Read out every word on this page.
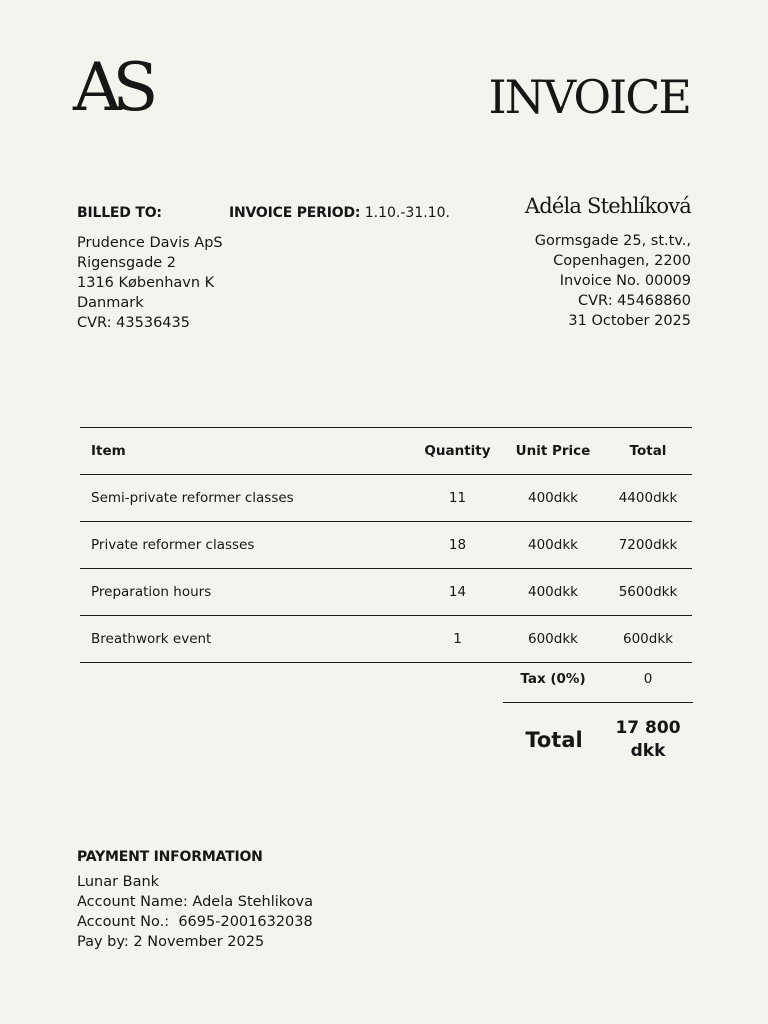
AS	INVOICE
BILLED TO:	INVOICE PERIOD: 1.10.-31.10.
Prudence Davis ApS
Rigensgade 2
1316 København K
Danmark
CVR: 43536435
Adéla Stehlíková
Gormsgade 25, st.tv.,
Copenhagen, 2200
Invoice No. 00009
CVR: 45468860
31 October 2025
Item	Quantity	Unit Price	Total
Semi-private reformer classes	11	400dkk	4400dkk
Private reformer classes	18	400dkk	7200dkk
Preparation hours	14	400dkk	5600dkk
Breathwork event	1	600dkk	600dkk
Tax (0%)	0
Total	17 800
dkk
PAYMENT INFORMATION
Lunar Bank
Account Name: Adela Stehlikova
Account No.:  6695-2001632038
Pay by: 2 November 2025
